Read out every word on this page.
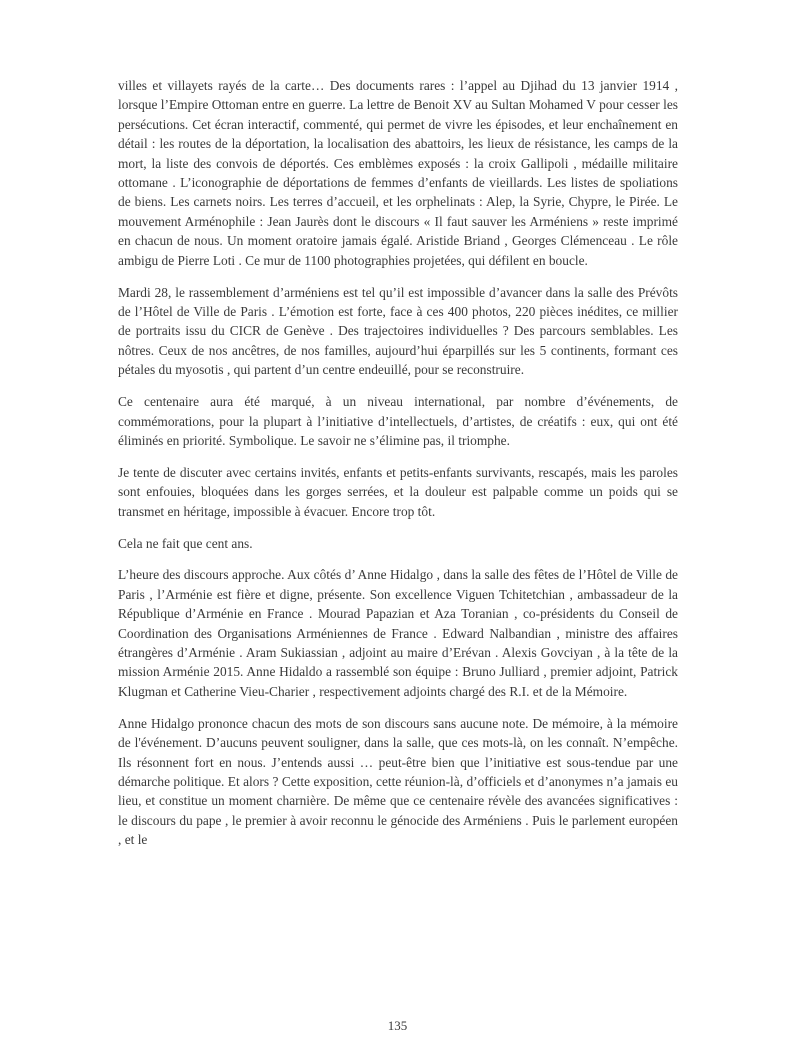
villes et villayets rayés de la carte… Des documents rares : l’appel au Djihad du 13 janvier 1914 , lorsque l’Empire Ottoman entre en guerre. La lettre de Benoit XV au Sultan Mohamed V pour cesser les persécutions. Cet écran interactif, commenté, qui permet de vivre les épisodes, et leur enchaînement en détail : les routes de la déportation, la localisation des abattoirs, les lieux de résistance, les camps de la mort, la liste des convois de déportés. Ces emblèmes exposés : la croix Gallipoli , médaille militaire ottomane . L’iconographie de déportations de femmes d’enfants de vieillards. Les listes de spoliations de biens. Les carnets noirs. Les terres d’accueil, et les orphelinats : Alep, la Syrie, Chypre, le Pirée. Le mouvement Arménophile : Jean Jaurès dont le discours « Il faut sauver les Arméniens » reste imprimé en chacun de nous. Un moment oratoire jamais égalé. Aristide Briand , Georges Clémenceau . Le rôle ambigu de Pierre Loti . Ce mur de 1100 photographies projetées, qui défilent en boucle.

Mardi 28, le rassemblement d’arméniens est tel qu’il est impossible d’avancer dans la salle des Prévôts de l’Hôtel de Ville de Paris . L’émotion est forte, face à ces 400 photos, 220 pièces inédites, ce millier de portraits issu du CICR de Genève . Des trajectoires individuelles ? Des parcours semblables. Les nôtres. Ceux de nos ancêtres, de nos familles, aujourd’hui éparpillés sur les 5 continents, formant ces pétales du myosotis , qui partent d’un centre endeuillé, pour se reconstruire.

Ce centenaire aura été marqué, à un niveau international, par nombre d’événements, de commémorations, pour la plupart à l’initiative d’intellectuels, d’artistes, de créatifs : eux, qui ont été éliminés en priorité. Symbolique. Le savoir ne s’élimine pas, il triomphe.

Je tente de discuter avec certains invités, enfants et petits-enfants survivants, rescapés, mais les paroles sont enfouies, bloquées dans les gorges serrées, et la douleur est palpable comme un poids qui se transmet en héritage, impossible à évacuer. Encore trop tôt.

Cela ne fait que cent ans.

L’heure des discours approche. Aux côtés d’ Anne Hidalgo , dans la salle des fêtes de l’Hôtel de Ville de Paris , l’Arménie est fière et digne, présente. Son excellence Viguen Tchitetchian , ambassadeur de la République d’Arménie en France . Mourad Papazian et Aza Toranian , co-présidents du Conseil de Coordination des Organisations Arméniennes de France . Edward Nalbandian , ministre des affaires étrangères d’Arménie . Aram Sukiassian , adjoint au maire d’Erévan . Alexis Govciyan , à la tête de la mission Arménie 2015. Anne Hidaldo a rassemblé son équipe : Bruno Julliard , premier adjoint, Patrick Klugman et Catherine Vieu-Charier , respectivement adjoints chargé des R.I. et de la Mémoire.

Anne Hidalgo prononce chacun des mots de son discours sans aucune note. De mémoire, à la mémoire de l'événement. D’aucuns peuvent souligner, dans la salle, que ces mots-là, on les connaît. N’empêche. Ils résonnent fort en nous. J’entends aussi … peut-être bien que l’initiative est sous-tendue par une démarche politique. Et alors ? Cette exposition, cette réunion-là, d’officiels et d’anonymes n’a jamais eu lieu, et constitue un moment charnière. De même que ce centenaire révèle des avancées significatives : le discours du pape , le premier à avoir reconnu le génocide des Arméniens . Puis le parlement européen , et le

135
